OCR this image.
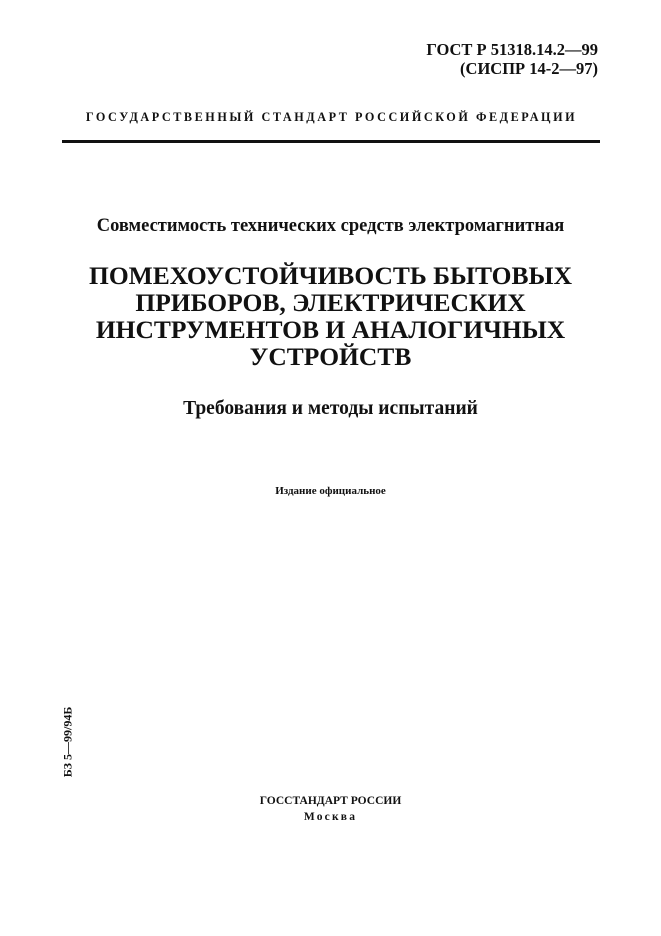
ГОСТ Р 51318.14.2—99
(СИСПР 14-2—97)
ГОСУДАРСТВЕННЫЙ СТАНДАРТ РОССИЙСКОЙ ФЕДЕРАЦИИ
Совместимость технических средств электромагнитная
ПОМЕХОУСТОЙЧИВОСТЬ БЫТОВЫХ
ПРИБОРОВ, ЭЛЕКТРИЧЕСКИХ
ИНСТРУМЕНТОВ И АНАЛОГИЧНЫХ
УСТРОЙСТВ
Требования и методы испытаний
Издание официальное
БЗ 5—99/94Б
ГОССТАНДАРТ РОССИИ
Москва
